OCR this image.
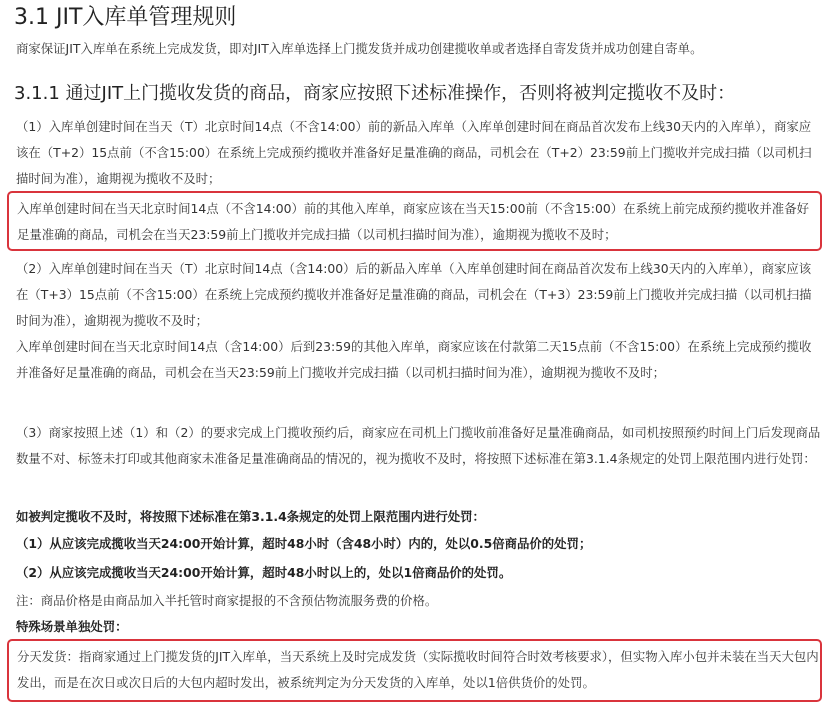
3.1 JIT入库单管理规则

商家保证JIT入库单在系统上完成发货，即对JIT入库单选择上门揽发货并成功创建揽收单或者选择自寄发货并成功创建自寄单。

3.1.1 通过JIT上门揽收发货的商品，商家应按照下述标准操作，否则将被判定揽收不及时：

（1）入库单创建时间在当天（T）北京时间14点（不含14:00）前的新品入库单（入库单创建时间在商品首次发布上线30天内的入库单），商家应该在（T+2）15点前（不含15:00）在系统上完成预约揽收并准备好足量准确的商品，司机会在（T+2）23:59前上门揽收并完成扫描（以司机扫描时间为准），逾期视为揽收不及时；

入库单创建时间在当天北京时间14点（不含14:00）前的其他入库单，商家应该在当天15:00前（不含15:00）在系统上前完成预约揽收并准备好足量准确的商品，司机会在当天23:59前上门揽收并完成扫描（以司机扫描时间为准），逾期视为揽收不及时；

（2）入库单创建时间在当天（T）北京时间14点（含14:00）后的新品入库单（入库单创建时间在商品首次发布上线30天内的入库单），商家应该在（T+3）15点前（不含15:00）在系统上完成预约揽收并准备好足量准确的商品，司机会在（T+3）23:59前上门揽收并完成扫描（以司机扫描时间为准），逾期视为揽收不及时；

入库单创建时间在当天北京时间14点（含14:00）后到23:59的其他入库单，商家应该在付款第二天15点前（不含15:00）在系统上完成预约揽收并准备好足量准确的商品，司机会在当天23:59前上门揽收并完成扫描（以司机扫描时间为准），逾期视为揽收不及时；

（3）商家按照上述（1）和（2）的要求完成上门揽收预约后，商家应在司机上门揽收前准备好足量准确商品，如司机按照预约时间上门后发现商品数量不对、标签未打印或其他商家未准备足量准确商品的情况的，视为揽收不及时，将按照下述标准在第3.1.4条规定的处罚上限范围内进行处罚：

如被判定揽收不及时，将按照下述标准在第3.1.4条规定的处罚上限范围内进行处罚：

（1）从应该完成揽收当天24:00开始计算，超时48小时（含48小时）内的，处以0.5倍商品价的处罚；

（2）从应该完成揽收当天24:00开始计算，超时48小时以上的，处以1倍商品价的处罚。

注：商品价格是由商品加入半托管时商家提报的不含预估物流服务费的价格。

特殊场景单独处罚：

分天发货：指商家通过上门揽发货的JIT入库单，当天系统上及时完成发货（实际揽收时间符合时效考核要求），但实物入库小包并未装在当天大包内发出，而是在次日或次日后的大包内超时发出，被系统判定为分天发货的入库单，处以1倍供货价的处罚。
